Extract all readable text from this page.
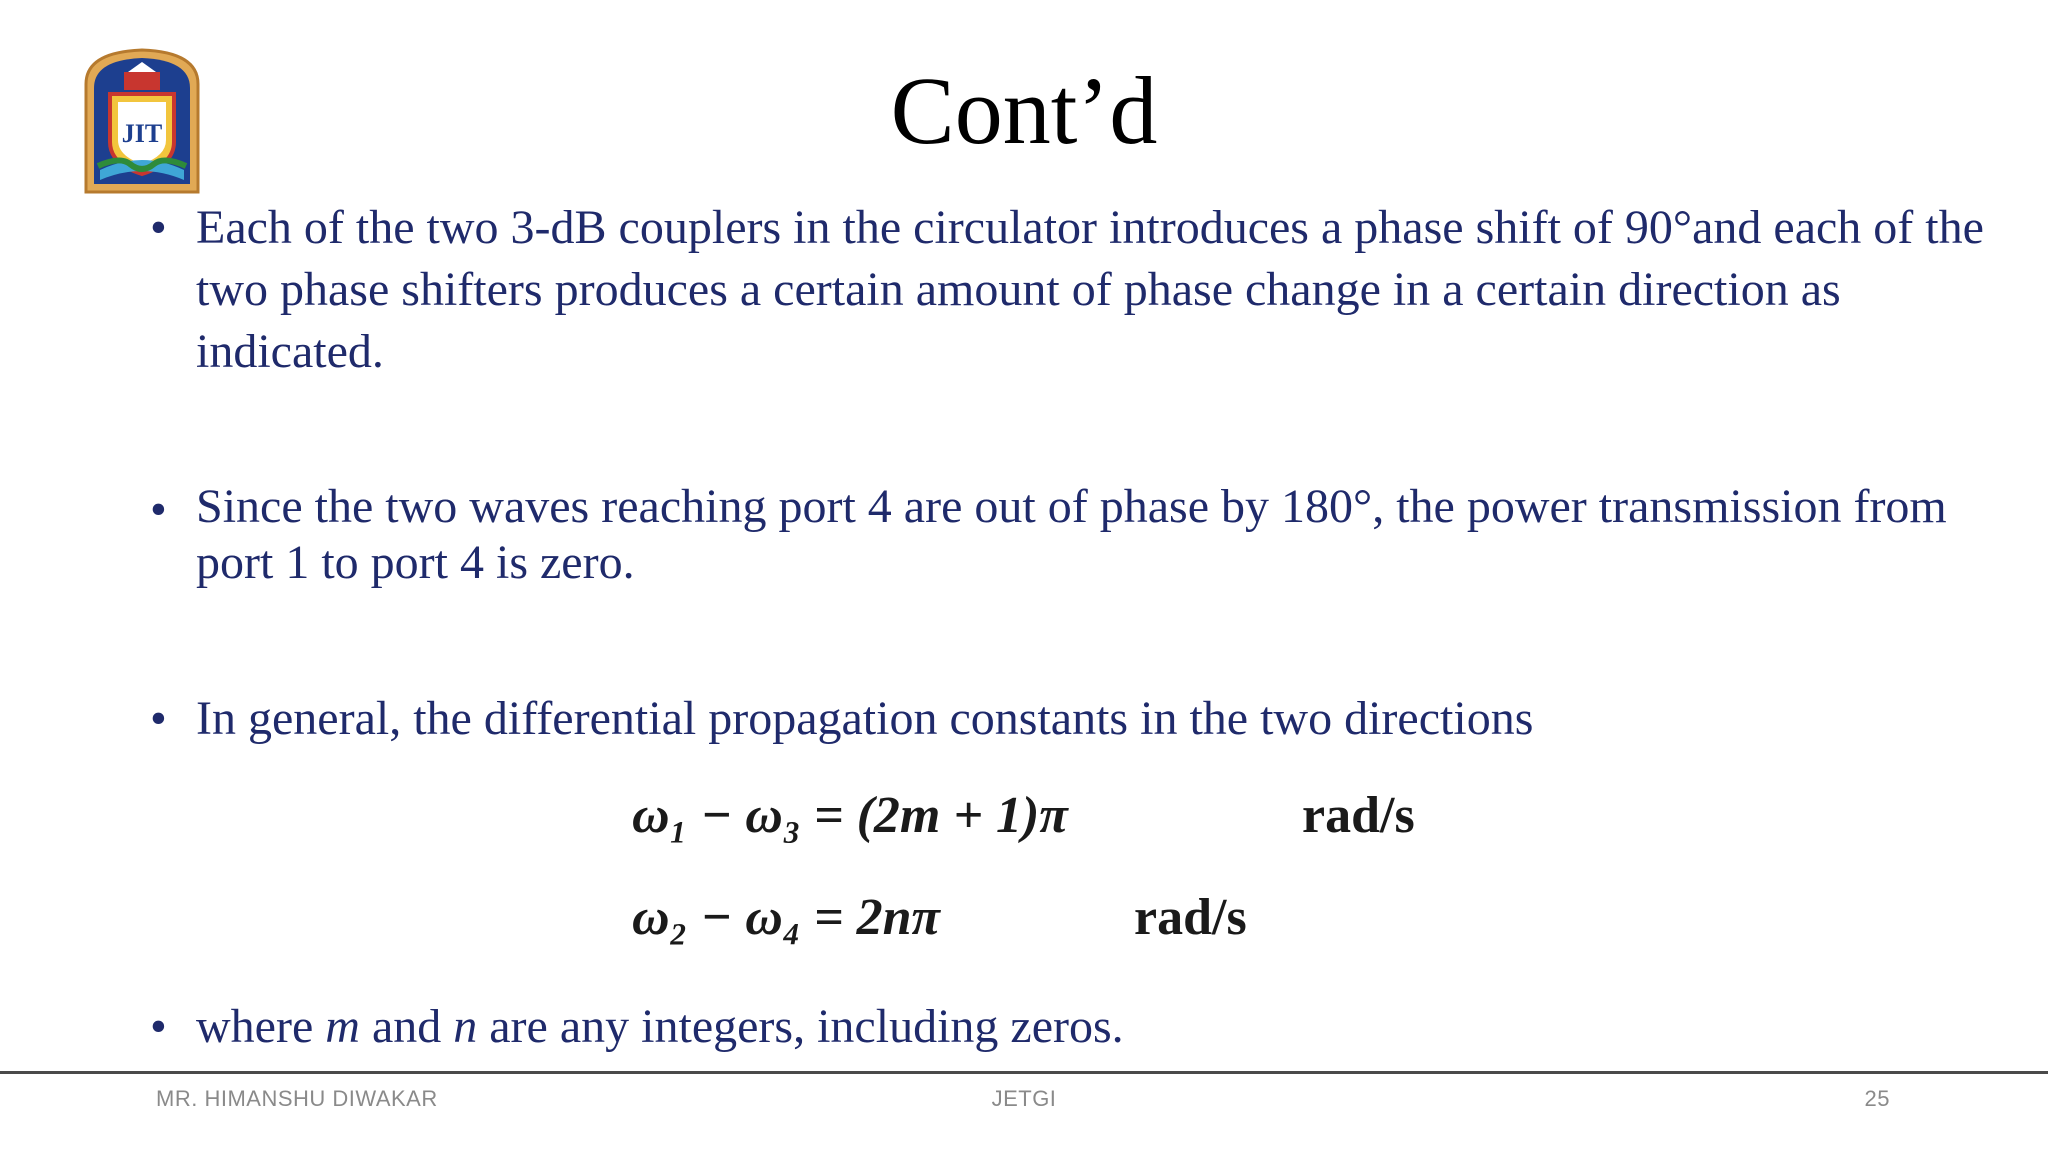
JIT	Cont’d
• Each of the two 3-dB couplers in the circulator introduces a phase shift of 90°and each of the two phase shifters produces a certain amount of phase change in a certain direction as indicated.
• Since the two waves reaching port 4 are out of phase by 180°, the power transmission from port 1 to port 4 is zero.
• In general, the differential propagation constants in the two directions
ω₁ − ω₃ = (2m + 1)π	rad/s
ω₂ − ω₄ = 2nπ	rad/s
• where m and n are any integers, including zeros.
MR. HIMANSHU DIWAKAR	JETGI	25
